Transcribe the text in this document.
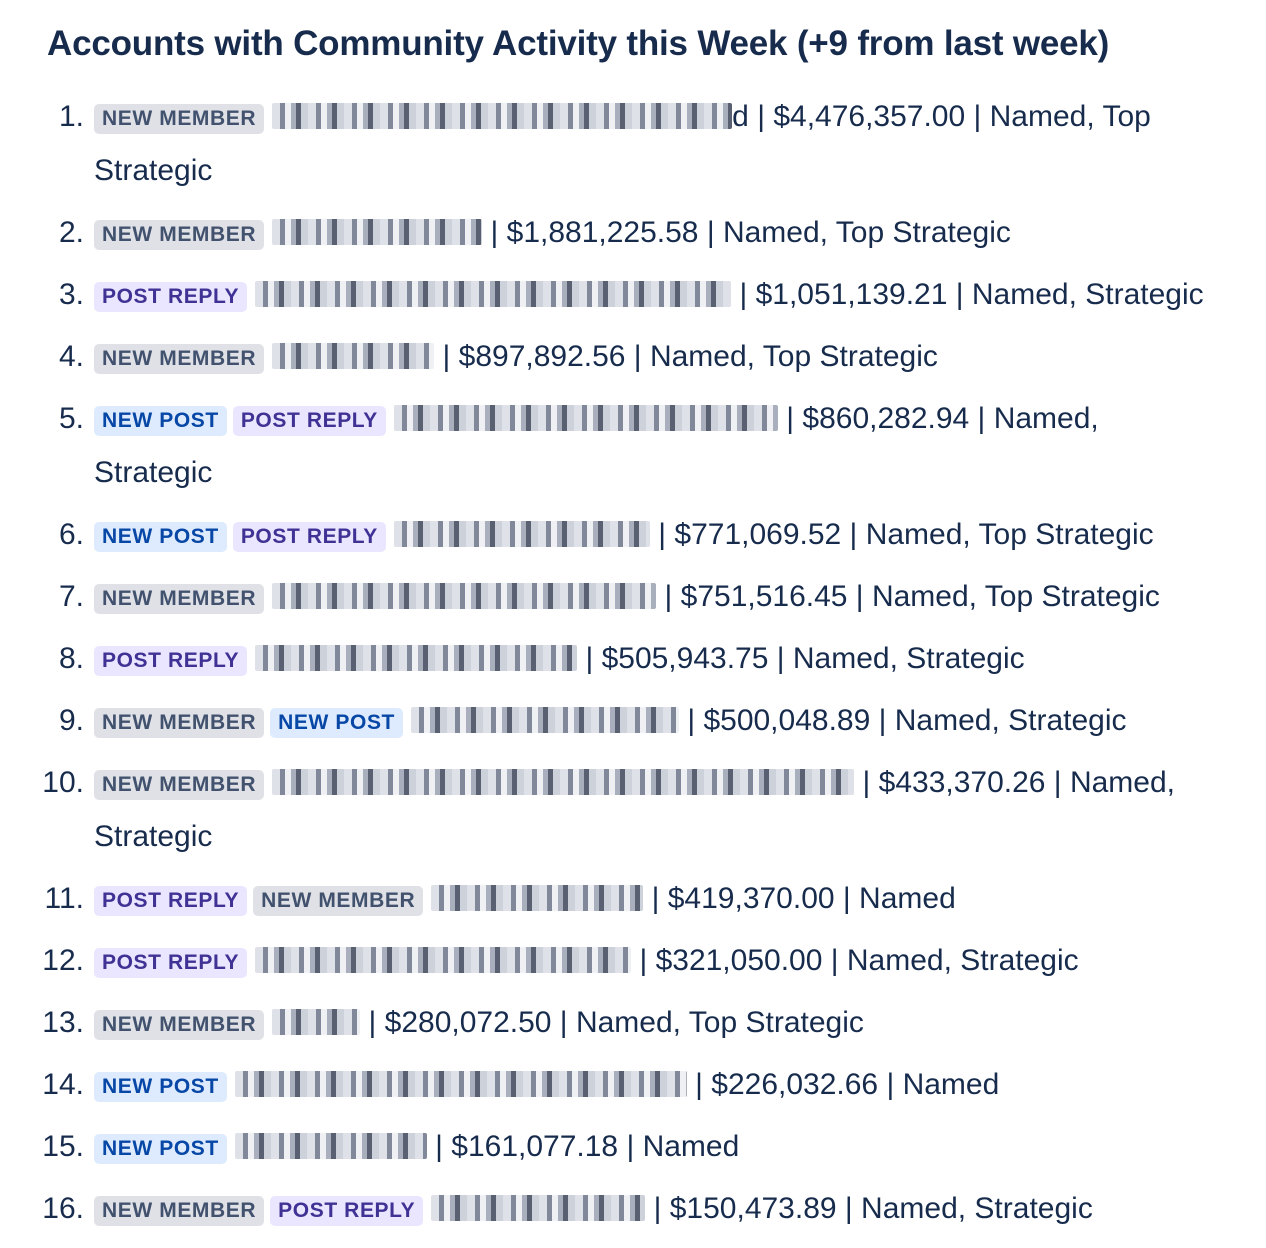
Accounts with Community Activity this Week (+9 from last week)
1. NEW MEMBER	d | $4,476,357.00 | Named, Top
Strategic
2. NEW MEMBER	| $1,881,225.58 | Named, Top Strategic
3. POST REPLY	| $1,051,139.21 | Named, Strategic
4. NEW MEMBER	| $897,892.56 | Named, Top Strategic
5. NEW POST POST REPLY	| $860,282.94 | Named,
Strategic
6. NEW POST POST REPLY	| $771,069.52 | Named, Top Strategic
7. NEW MEMBER	| $751,516.45 | Named, Top Strategic
8. POST REPLY	| $505,943.75 | Named, Strategic
9. NEW MEMBER NEW POST	| $500,048.89 | Named, Strategic
10. NEW MEMBER	| $433,370.26 | Named,
Strategic
11. POST REPLY NEW MEMBER	| $419,370.00 | Named
12. POST REPLY	| $321,050.00 | Named, Strategic
13. NEW MEMBER	| $280,072.50 | Named, Top Strategic
14. NEW POST	| $226,032.66 | Named
15. NEW POST	| $161,077.18 | Named
16. NEW MEMBER POST REPLY	| $150,473.89 | Named, Strategic
